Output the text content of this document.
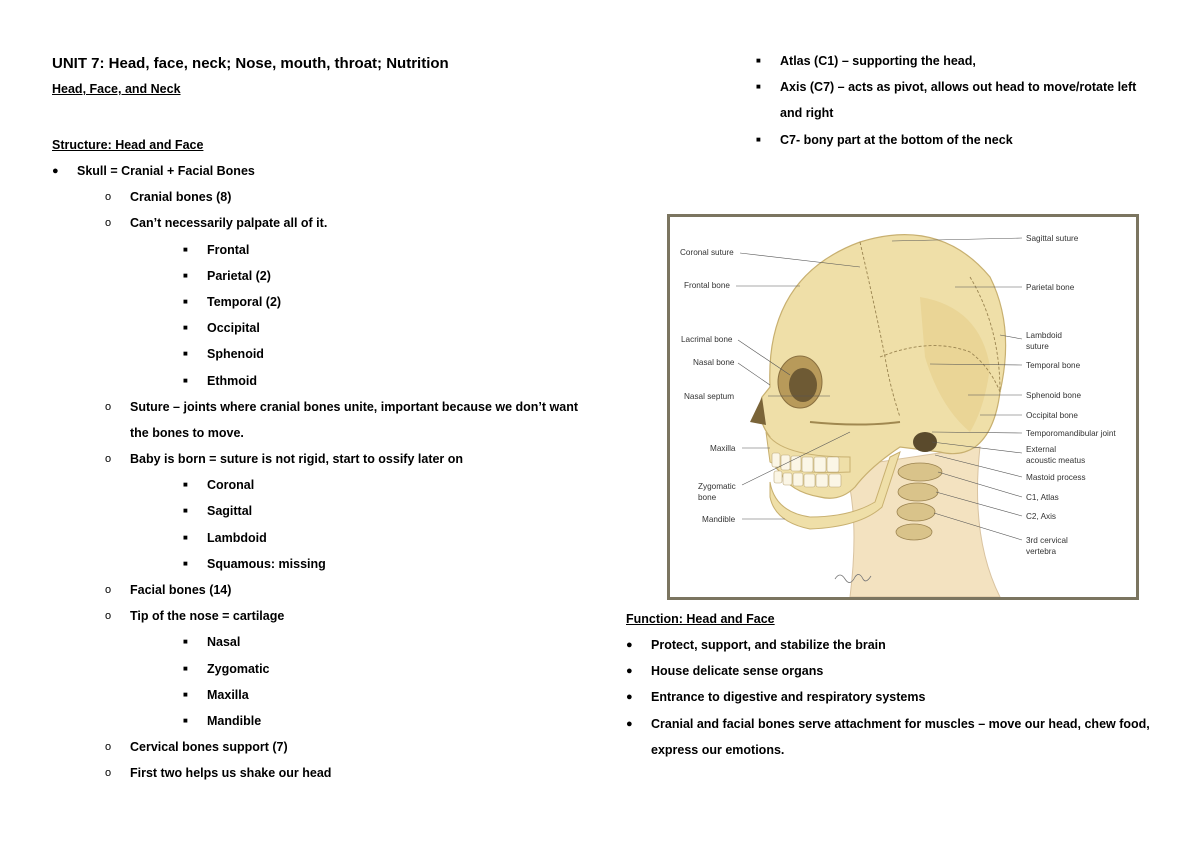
UNIT 7: Head, face, neck; Nose, mouth, throat; Nutrition
Head, Face, and Neck
Structure: Head and Face
● Skull = Cranial + Facial Bones
o Cranial bones (8)
o Can’t necessarily palpate all of it.
■ Frontal
■ Parietal (2)
■ Temporal (2)
■ Occipital
■ Sphenoid
■ Ethmoid
o Suture – joints where cranial bones unite, important because we don’t want the bones to move.
o Baby is born = suture is not rigid, start to ossify later on
■ Coronal
■ Sagittal
■ Lambdoid
■ Squamous: missing
o Facial bones (14)
o Tip of the nose = cartilage
■ Nasal
■ Zygomatic
■ Maxilla
■ Mandible
o Cervical bones support (7)
o First two helps us shake our head
■ Atlas (C1) – supporting the head,
■ Axis (C7) – acts as pivot, allows out head to move/rotate left and right
■ C7- bony part at the bottom of the neck
Coronal suture
Frontal bone
Lacrimal bone
Nasal bone
Nasal septum
Maxilla
Zygomatic
bone
Mandible
Sagittal suture
Parietal bone
Lambdoid
suture
Temporal bone
Sphenoid bone
Occipital bone
Temporomandibular joint
External
acoustic meatus
Mastoid process
C1, Atlas
C2, Axis
3rd cervical
vertebra
Function: Head and Face
● Protect, support, and stabilize the brain
● House delicate sense organs
● Entrance to digestive and respiratory systems
● Cranial and facial bones serve attachment for muscles – move our head, chew food, express our emotions.
